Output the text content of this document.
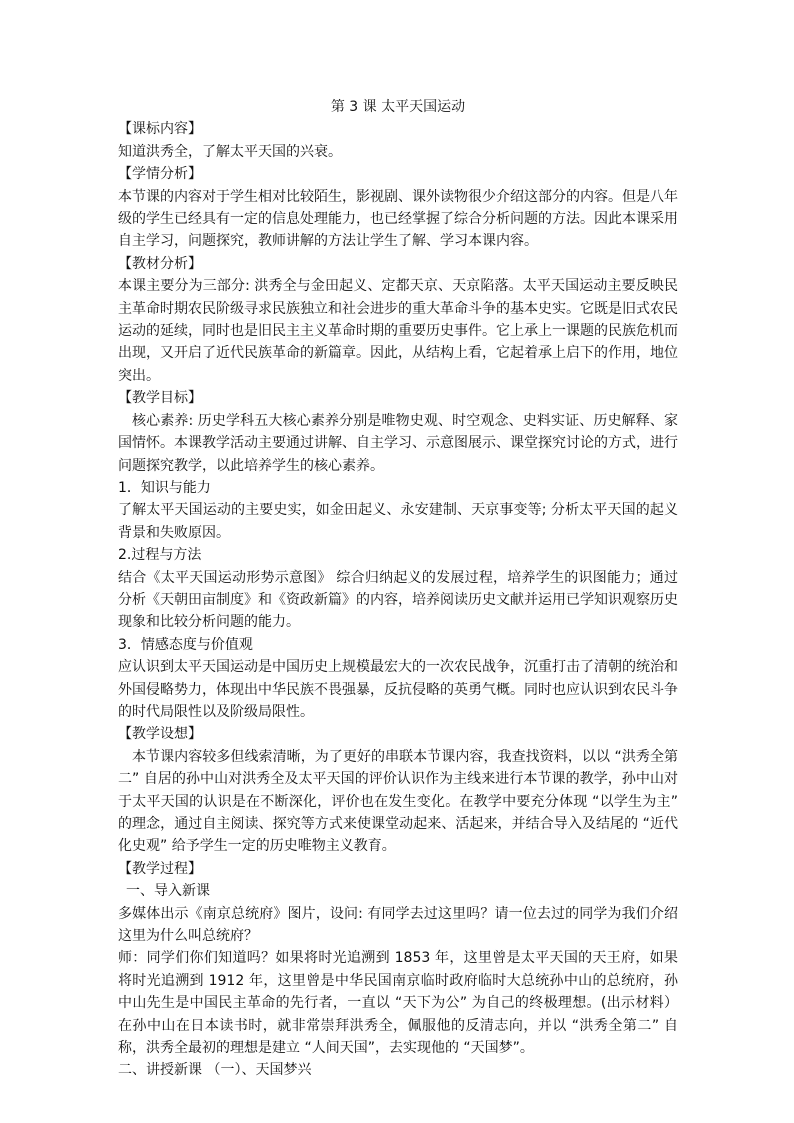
第 3 课 太平天国运动

【课标内容】

知道洪秀全，了解太平天国的兴衰。

【学情分析】

本节课的内容对于学生相对比较陌生，影视剧、课外读物很少介绍这部分的内容。但是八年级的学生已经具有一定的信息处理能力，也已经掌握了综合分析问题的方法。因此本课采用自主学习，问题探究，教师讲解的方法让学生了解、学习本课内容。

【教材分析】

本课主要分为三部分: 洪秀全与金田起义、定都天京、天京陷落。太平天国运动主要反映民主革命时期农民阶级寻求民族独立和社会进步的重大革命斗争的基本史实。它既是旧式农民运动的延续，同时也是旧民主主义革命时期的重要历史事件。它上承上一课题的民族危机而出现，又开启了近代民族革命的新篇章。因此，从结构上看，它起着承上启下的作用，地位突出。

【教学目标】

核心素养: 历史学科五大核心素养分别是唯物史观、时空观念、史料实证、历史解释、家国情怀。本课教学活动主要通过讲解、自主学习、示意图展示、课堂探究讨论的方式，进行问题探究教学，以此培养学生的核心素养。

1．知识与能力

了解太平天国运动的主要史实，如金田起义、永安建制、天京事变等; 分析太平天国的起义背景和失败原因。

2.过程与方法

结合《太平天国运动形势示意图》 综合归纳起义的发展过程，培养学生的识图能力；通过分析《天朝田亩制度》和《资政新篇》的内容，培养阅读历史文献并运用已学知识观察历史现象和比较分析问题的能力。

3．情感态度与价值观

应认识到太平天国运动是中国历史上规模最宏大的一次农民战争，沉重打击了清朝的统治和外国侵略势力，体现出中华民族不畏强暴，反抗侵略的英勇气概。同时也应认识到农民斗争的时代局限性以及阶级局限性。

【教学设想】

本节课内容较多但线索清晰，为了更好的串联本节课内容，我查找资料，以以 “洪秀全第二” 自居的孙中山对洪秀全及太平天国的评价认识作为主线来进行本节课的教学，孙中山对于太平天国的认识是在不断深化，评价也在发生变化。在教学中要充分体现 “以学生为主” 的理念，通过自主阅读、探究等方式来使课堂动起来、活起来，并结合导入及结尾的 “近代化史观” 给予学生一定的历史唯物主义教育。

【教学过程】

一、导入新课

多媒体出示《南京总统府》图片，设问: 有同学去过这里吗？请一位去过的同学为我们介绍这里为什么叫总统府？

师：同学们你们知道吗？如果将时光追溯到 1853 年，这里曾是太平天国的天王府，如果将时光追溯到 1912 年，这里曾是中华民国南京临时政府临时大总统孙中山的总统府，孙中山先生是中国民主革命的先行者，一直以 “天下为公” 为自己的终极理想。(出示材料）在孙中山在日本读书时，就非常崇拜洪秀全，佩服他的反清志向，并以 “洪秀全第二” 自称，洪秀全最初的理想是建立 “人间天国”，去实现他的 “天国梦”。

二、讲授新课 （一）、天国梦兴
